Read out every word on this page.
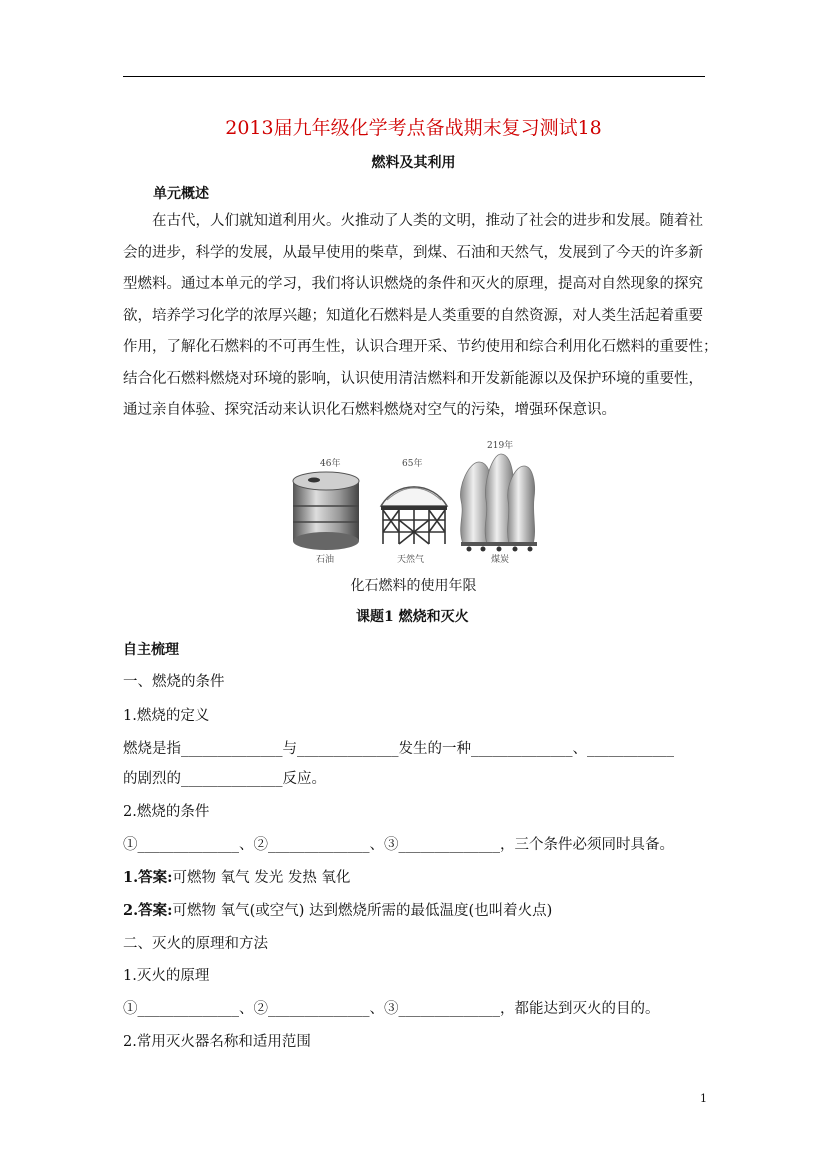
2013届九年级化学考点备战期末复习测试18
燃料及其利用
单元概述
在古代，人们就知道利用火。火推动了人类的文明，推动了社会的进步和发展。随着社
会的进步，科学的发展，从最早使用的柴草，到煤、石油和天然气，发展到了今天的许多新
型燃料。通过本单元的学习，我们将认识燃烧的条件和灭火的原理，提高对自然现象的探究
欲，培养学习化学的浓厚兴趣；知道化石燃料是人类重要的自然资源，对人类生活起着重要
作用，了解化石燃料的不可再生性，认识合理开采、节约使用和综合利用化石燃料的重要性；
结合化石燃料燃烧对环境的影响，认识使用清洁燃料和开发新能源以及保护环境的重要性，
通过亲自体验、探究活动来认识化石燃料燃烧对空气的污染，增强环保意识。
46年
石油
65年
天然气
219年
煤炭
化石燃料的使用年限
课题1 燃烧和灭火
自主梳理
一、燃烧的条件
1.燃烧的定义
燃烧是指______________与______________发生的一种______________、____________
的剧烈的______________反应。
2.燃烧的条件
①______________、②______________、③______________，三个条件必须同时具备。
1.答案:可燃物 氧气 发光 发热 氧化
2.答案:可燃物 氧气(或空气) 达到燃烧所需的最低温度(也叫着火点)
二、灭火的原理和方法
1.灭火的原理
①______________、②______________、③______________，都能达到灭火的目的。
2.常用灭火器名称和适用范围
1
